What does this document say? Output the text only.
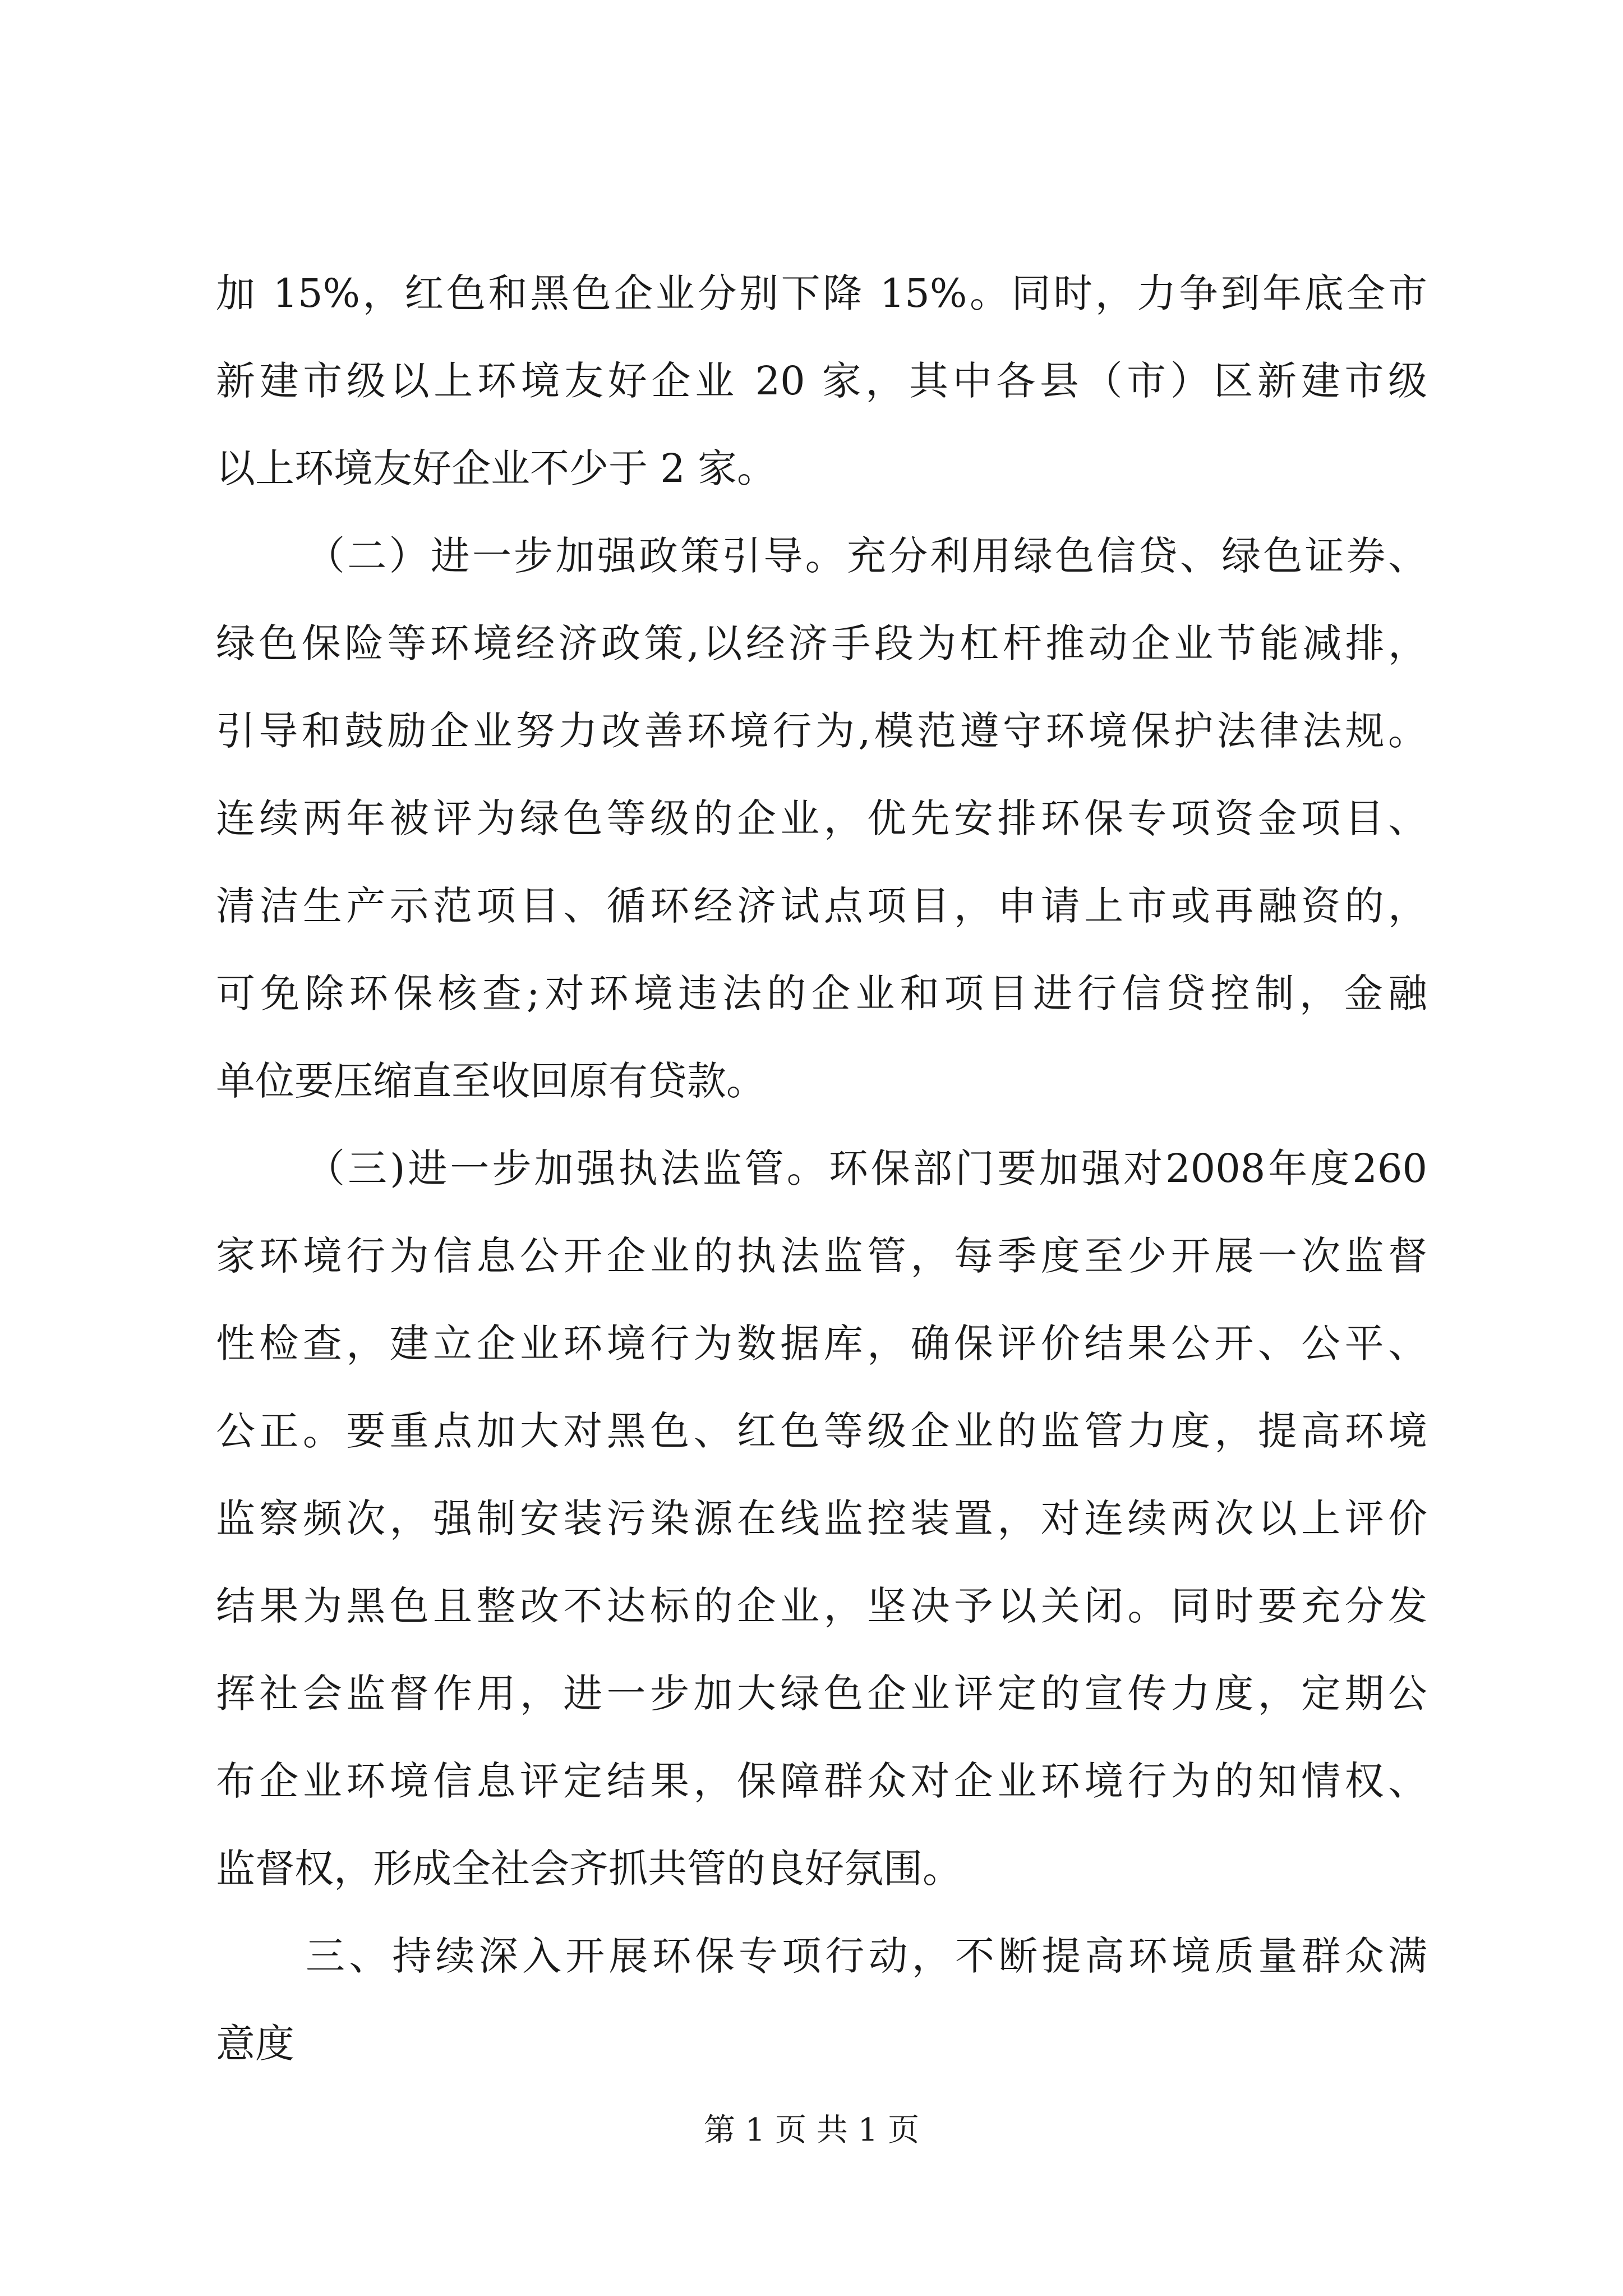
加 15%，红色和黑色企业分别下降 15%。同时，力争到年底全市
新建市级以上环境友好企业 20 家，其中各县（市）区新建市级
以上环境友好企业不少于 2 家。
（二）进一步加强政策引导。充分利用绿色信贷、绿色证券、
绿色保险等环境经济政策,以经济手段为杠杆推动企业节能减排，
引导和鼓励企业努力改善环境行为,模范遵守环境保护法律法规。
连续两年被评为绿色等级的企业，优先安排环保专项资金项目、
清洁生产示范项目、循环经济试点项目，申请上市或再融资的，
可免除环保核查;对环境违法的企业和项目进行信贷控制，金融
单位要压缩直至收回原有贷款。
（三)进一步加强执法监管。环保部门要加强对2008年度260
家环境行为信息公开企业的执法监管，每季度至少开展一次监督
性检查，建立企业环境行为数据库，确保评价结果公开、公平、
公正。要重点加大对黑色、红色等级企业的监管力度，提高环境
监察频次，强制安装污染源在线监控装置，对连续两次以上评价
结果为黑色且整改不达标的企业，坚决予以关闭。同时要充分发
挥社会监督作用，进一步加大绿色企业评定的宣传力度，定期公
布企业环境信息评定结果，保障群众对企业环境行为的知情权、
监督权，形成全社会齐抓共管的良好氛围。
三、持续深入开展环保专项行动，不断提高环境质量群众满
意度
第 1 页 共 1 页
